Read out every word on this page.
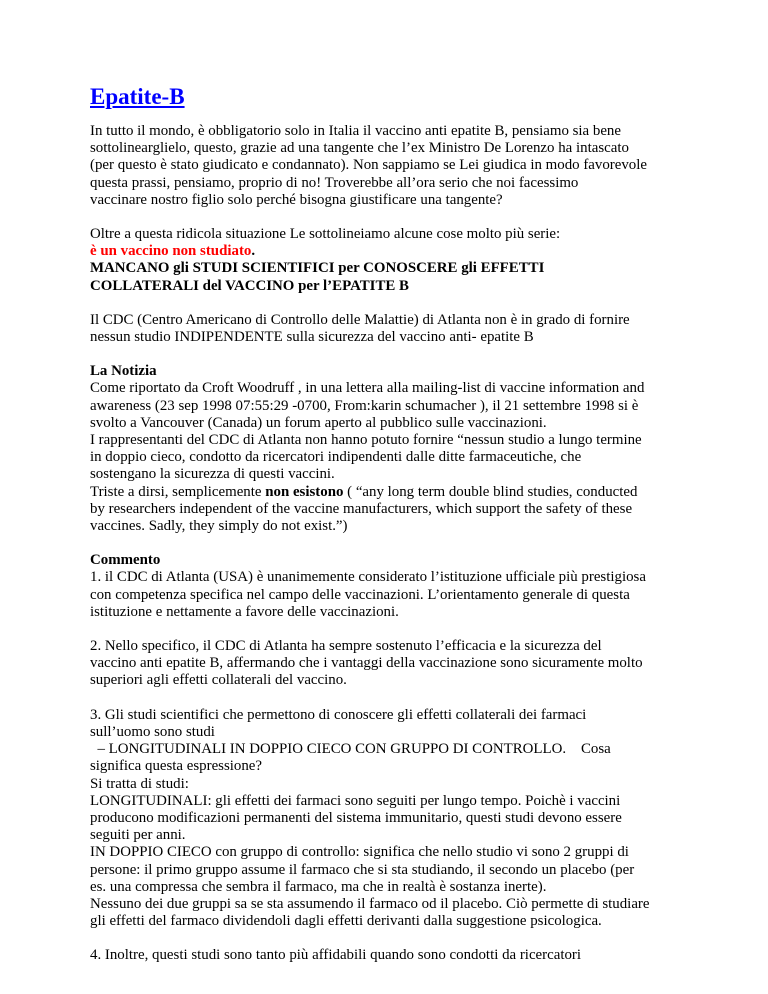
Epatite-B

In tutto il mondo, è obbligatorio solo in Italia il vaccino anti epatite B, pensiamo sia bene
sottolinearglielo, questo, grazie ad una tangente che l’ex Ministro De Lorenzo ha intascato
(per questo è stato giudicato e condannato). Non sappiamo se Lei giudica in modo favorevole
questa prassi, pensiamo, proprio di no! Troverebbe all’ora serio che noi facessimo
vaccinare nostro figlio solo perché bisogna giustificare una tangente?

Oltre a questa ridicola situazione Le sottolineiamo alcune cose molto più serie:
è un vaccino non studiato.
MANCANO gli STUDI SCIENTIFICI per CONOSCERE gli EFFETTI
COLLATERALI del VACCINO per l’EPATITE B

Il CDC (Centro Americano di Controllo delle Malattie) di Atlanta non è in grado di fornire
nessun studio INDIPENDENTE sulla sicurezza del vaccino anti- epatite B

La Notizia
Come riportato da Croft Woodruff , in una lettera alla mailing-list di vaccine information and
awareness (23 sep 1998 07:55:29 -0700, From:karin schumacher ), il 21 settembre 1998 si è
svolto a Vancouver (Canada) un forum aperto al pubblico sulle vaccinazioni.
I rappresentanti del CDC di Atlanta non hanno potuto fornire “nessun studio a lungo termine
in doppio cieco, condotto da ricercatori indipendenti dalle ditte farmaceutiche, che
sostengano la sicurezza di questi vaccini.
Triste a dirsi, semplicemente non esistono ( “any long term double blind studies, conducted
by researchers independent of the vaccine manufacturers, which support the safety of these
vaccines. Sadly, they simply do not exist.”)

Commento
1. il CDC di Atlanta (USA) è unanimemente considerato l’istituzione ufficiale più prestigiosa
con competenza specifica nel campo delle vaccinazioni. L’orientamento generale di questa
istituzione e nettamente a favore delle vaccinazioni.

2. Nello specifico, il CDC di Atlanta ha sempre sostenuto l’efficacia e la sicurezza del
vaccino anti epatite B, affermando che i vantaggi della vaccinazione sono sicuramente molto
superiori agli effetti collaterali del vaccino.

3. Gli studi scientifici che permettono di conoscere gli effetti collaterali dei farmaci
sull’uomo sono studi
– LONGITUDINALI IN DOPPIO CIECO CON GRUPPO DI CONTROLLO.    Cosa
significa questa espressione?
Si tratta di studi:
LONGITUDINALI: gli effetti dei farmaci sono seguiti per lungo tempo. Poichè i vaccini
producono modificazioni permanenti del sistema immunitario, questi studi devono essere
seguiti per anni.
IN DOPPIO CIECO con gruppo di controllo: significa che nello studio vi sono 2 gruppi di
persone: il primo gruppo assume il farmaco che si sta studiando, il secondo un placebo (per
es. una compressa che sembra il farmaco, ma che in realtà è sostanza inerte).
Nessuno dei due gruppi sa se sta assumendo il farmaco od il placebo. Ciò permette di studiare
gli effetti del farmaco dividendoli dagli effetti derivanti dalla suggestione psicologica.

4. Inoltre, questi studi sono tanto più affidabili quando sono condotti da ricercatori
